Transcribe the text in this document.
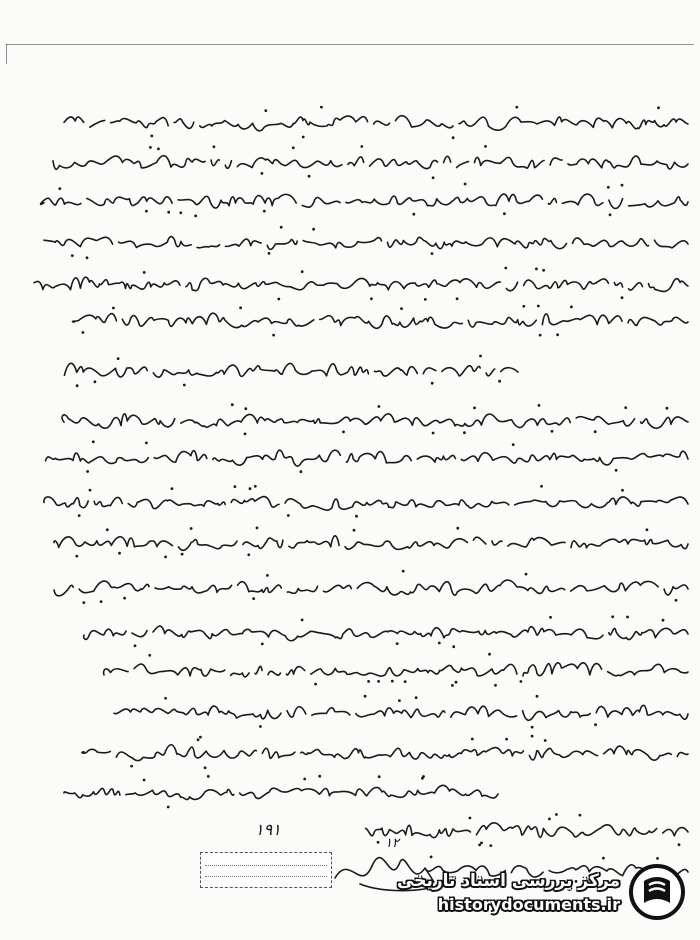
۱۹۱
۱۲
مرکز بررسی اسناد تاریخی
historydocuments.ir
